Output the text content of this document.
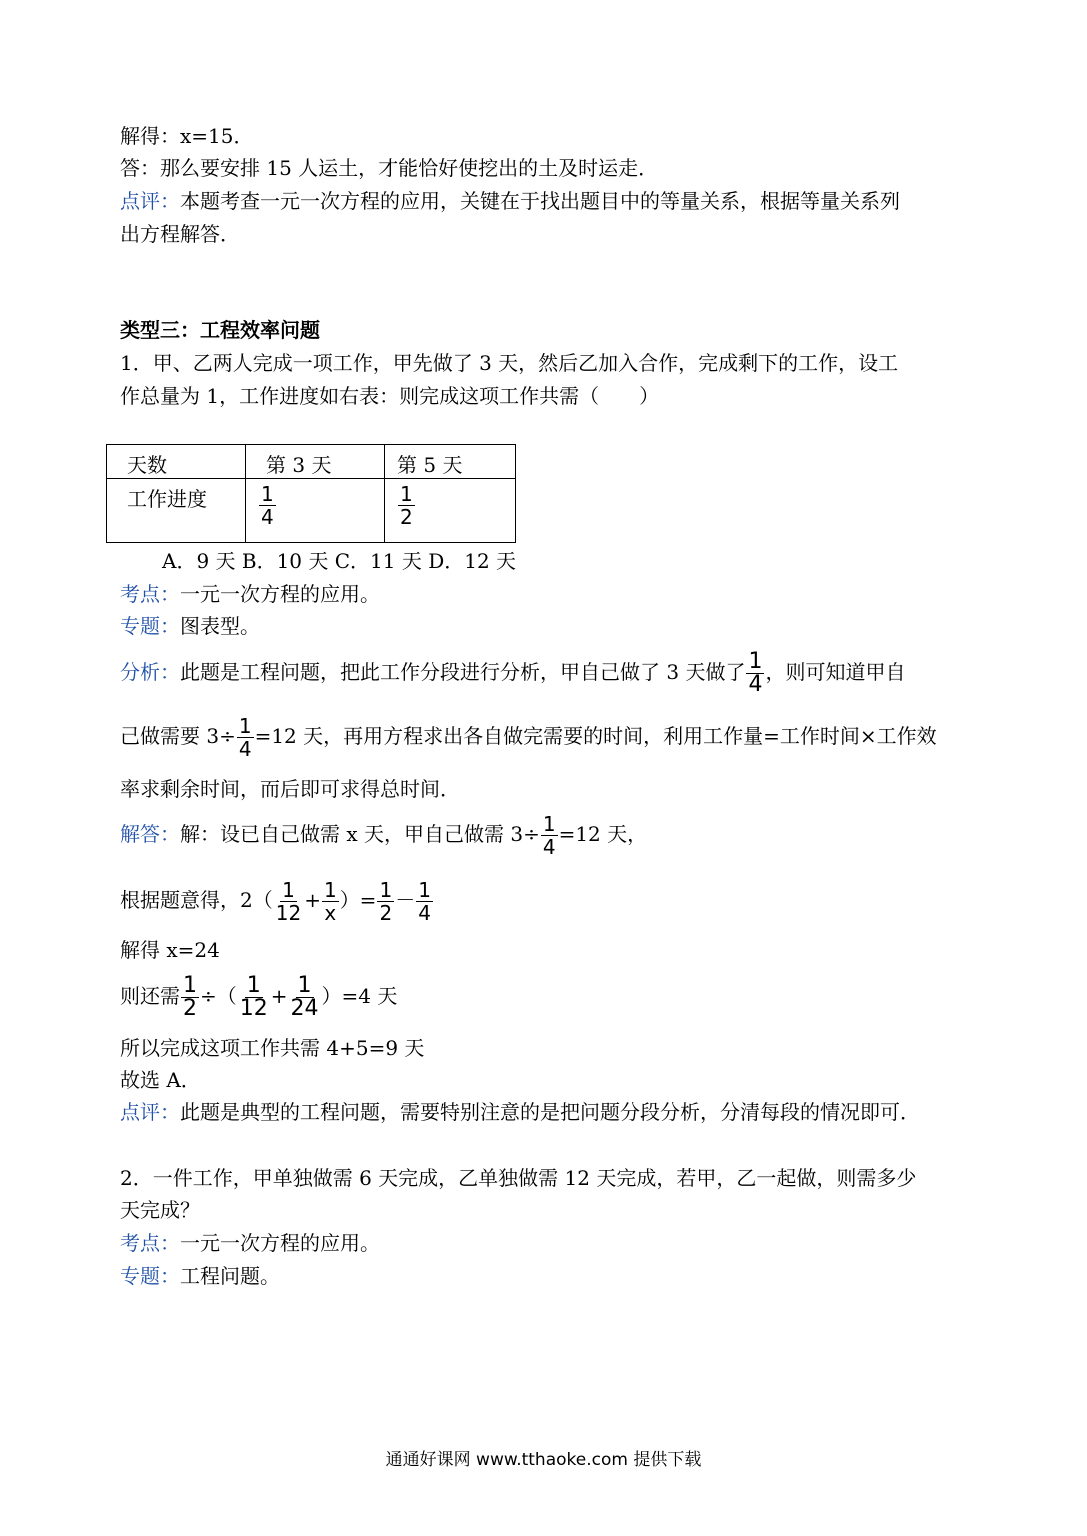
解得：x=15．
答：那么要安排 15 人运土，才能恰好使挖出的土及时运走．
点评：本题考查一元一次方程的应用，关键在于找出题目中的等量关系，根据等量关系列
出方程解答．
类型三：工程效率问题
1．甲、乙两人完成一项工作，甲先做了 3 天，然后乙加入合作，完成剩下的工作，设工
作总量为 1，工作进度如右表：则完成这项工作共需（　　）
天数	第 3 天	第 5 天
工作进度	$\frac{1}{4}$	$\frac{1}{2}$
A．9 天 B．10 天 C．11 天 D．12 天
考点：一元一次方程的应用。
专题：图表型。
分析：此题是工程问题，把此工作分段进行分析，甲自己做了 3 天做了 $\frac{1}{4}$ ，则可知道甲自
己做需要 $3\div \frac{1}{4} =12$ 天，再用方程求出各自做完需要的时间，利用工作量=工作时间×工作效
率求剩余时间，而后即可求得总时间．
解答：解：设已自己做需 x 天，甲自己做需 $3\div \frac{1}{4} =12$ 天，
根据题意得，$2( \frac{1}{12} + \frac{1}{x}$ ）= $\frac{1}{2} - \frac{1}{4}$
解得 x=24
则还需 $\frac{1}{2}$ ÷（ $\frac{1}{12} + \frac{1}{24} )=4$ 天
所以完成这项工作共需 4+5=9 天
故选 A．
点评：此题是典型的工程问题，需要特别注意的是把问题分段分析，分清每段的情况即可．
2．一件工作，甲单独做需 6 天完成，乙单独做需 12 天完成，若甲，乙一起做，则需多少
天完成？
考点：一元一次方程的应用。
专题：工程问题。
通通好课网 www.tthaoke.com 提供下载
